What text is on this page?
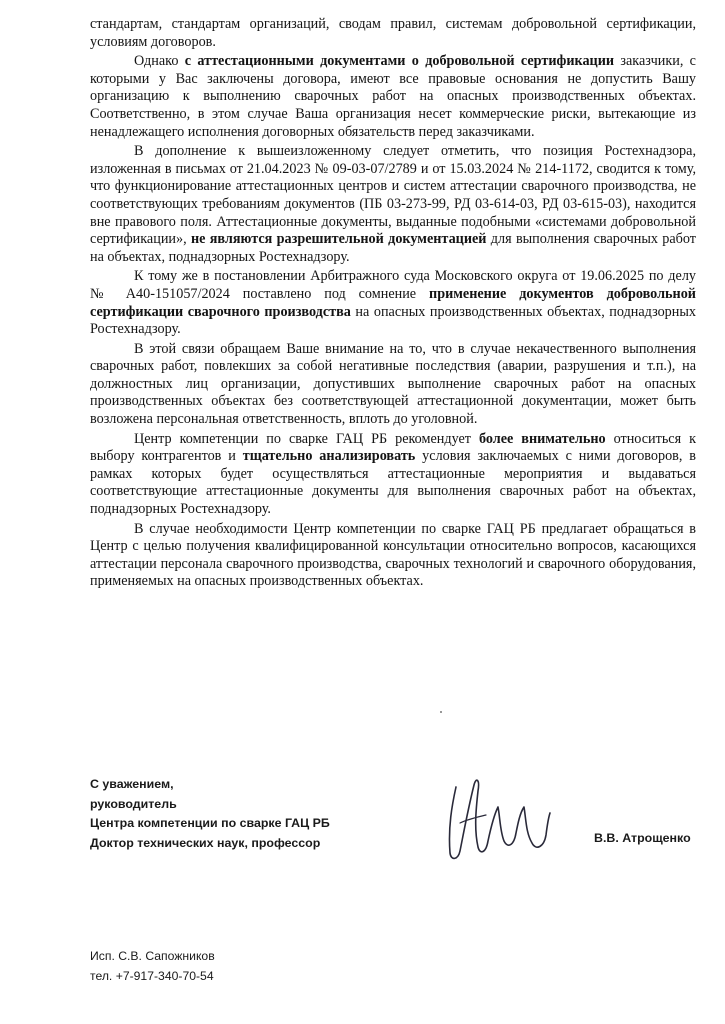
стандартам, стандартам организаций, сводам правил, системам добровольной сертификации, условиям договоров.

Однако с аттестационными документами о добровольной сертификации заказчики, с которыми у Вас заключены договора, имеют все правовые основания не допустить Вашу организацию к выполнению сварочных работ на опасных производственных объектах. Соответственно, в этом случае Ваша организация несет коммерческие риски, вытекающие из ненадлежащего исполнения договорных обязательств перед заказчиками.

В дополнение к вышеизложенному следует отметить, что позиция Ростехнадзора, изложенная в письмах от 21.04.2023 № 09-03-07/2789 и от 15.03.2024 № 214-1172, сводится к тому, что функционирование аттестационных центров и систем аттестации сварочного производства, не соответствующих требованиям документов (ПБ 03-273-99, РД 03-614-03, РД 03-615-03), находится вне правового поля. Аттестационные документы, выданные подобными «системами добровольной сертификации», не являются разрешительной документацией для выполнения сварочных работ на объектах, поднадзорных Ростехнадзору.

К тому же в постановлении Арбитражного суда Московского округа от 19.06.2025 по делу № А40-151057/2024 поставлено под сомнение применение документов добровольной сертификации сварочного производства на опасных производственных объектах, поднадзорных Ростехнадзору.

В этой связи обращаем Ваше внимание на то, что в случае некачественного выполнения сварочных работ, повлекших за собой негативные последствия (аварии, разрушения и т.п.), на должностных лиц организации, допустивших выполнение сварочных работ на опасных производственных объектах без соответствующей аттестационной документации, может быть возложена персональная ответственность, вплоть до уголовной.

Центр компетенции по сварке ГАЦ РБ рекомендует более внимательно относиться к выбору контрагентов и тщательно анализировать условия заключаемых с ними договоров, в рамках которых будет осуществляться аттестационные мероприятия и выдаваться соответствующие аттестационные документы для выполнения сварочных работ на объектах, поднадзорных Ростехнадзору.

В случае необходимости Центр компетенции по сварке ГАЦ РБ предлагает обращаться в Центр с целью получения квалифицированной консультации относительно вопросов, касающихся аттестации персонала сварочного производства, сварочных технологий и сварочного оборудования, применяемых на опасных производственных объектах.

С уважением,
руководитель
Центра компетенции по сварке ГАЦ РБ
Доктор технических наук, профессор	В.В. Атрощенко
Исп. С.В. Сапожников
тел. +7-917-340-70-54
